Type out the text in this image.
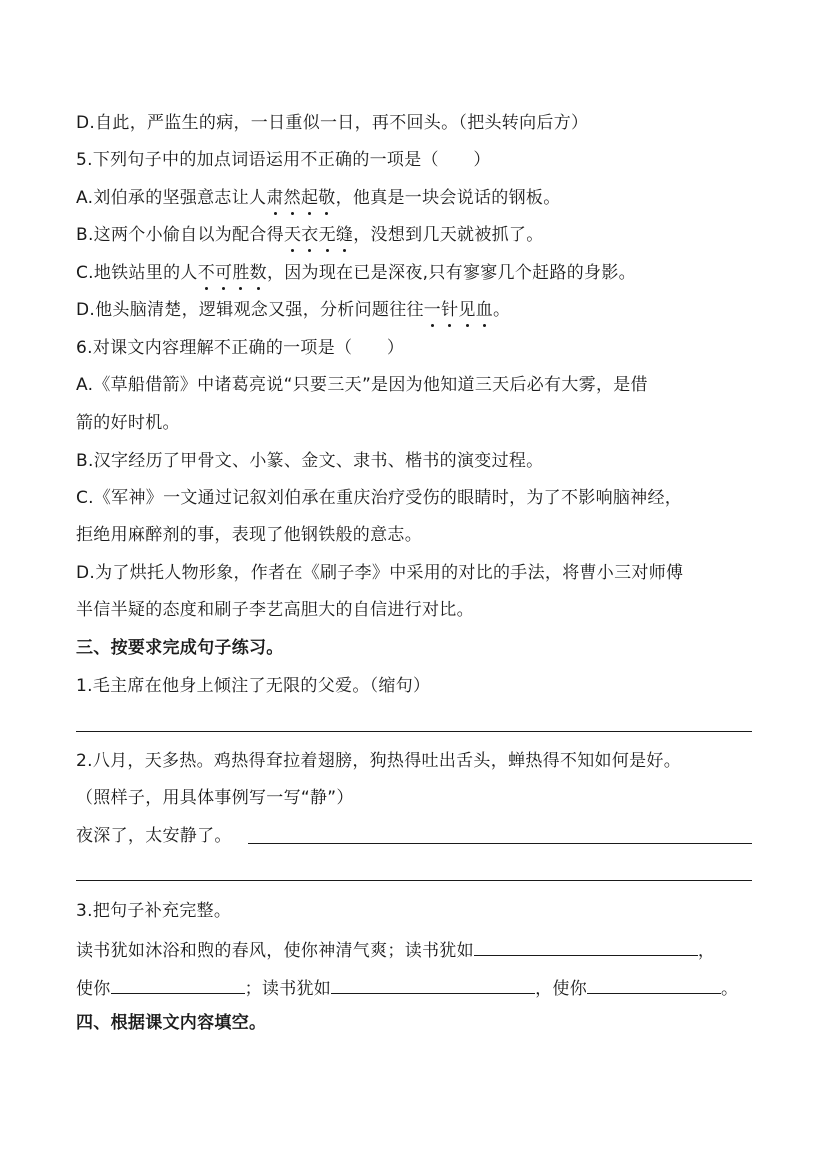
D.自此，严监生的病，一日重似一日，再不回头。（把头转向后方）
5.下列句子中的加点词语运用不正确的一项是（　　）
A.刘伯承的坚强意志让人肃然起敬，他真是一块会说话的钢板。
B.这两个小偷自以为配合得天衣无缝，没想到几天就被抓了。
C.地铁站里的人不可胜数，因为现在已是深夜,只有寥寥几个赶路的身影。
D.他头脑清楚，逻辑观念又强，分析问题往往一针见血。
6.对课文内容理解不正确的一项是（　　）
A.《草船借箭》中诸葛亮说“只要三天”是因为他知道三天后必有大雾，是借
箭的好时机。
B.汉字经历了甲骨文、小篆、金文、隶书、楷书的演变过程。
C.《军神》一文通过记叙刘伯承在重庆治疗受伤的眼睛时，为了不影响脑神经，
拒绝用麻醉剂的事，表现了他钢铁般的意志。
D.为了烘托人物形象，作者在《刷子李》中采用的对比的手法，将曹小三对师傅
半信半疑的态度和刷子李艺高胆大的自信进行对比。
三、按要求完成句子练习。
1.毛主席在他身上倾注了无限的父爱。（缩句）
2.八月，天多热。鸡热得耷拉着翅膀，狗热得吐出舌头，蝉热得不知如何是好。
（照样子，用具体事例写一写“静”）
夜深了，太安静了。
3.把句子补充完整。
读书犹如沐浴和煦的春风，使你神清气爽；读书犹如	，
使你	；读书犹如	，使你	。
四、根据课文内容填空。
